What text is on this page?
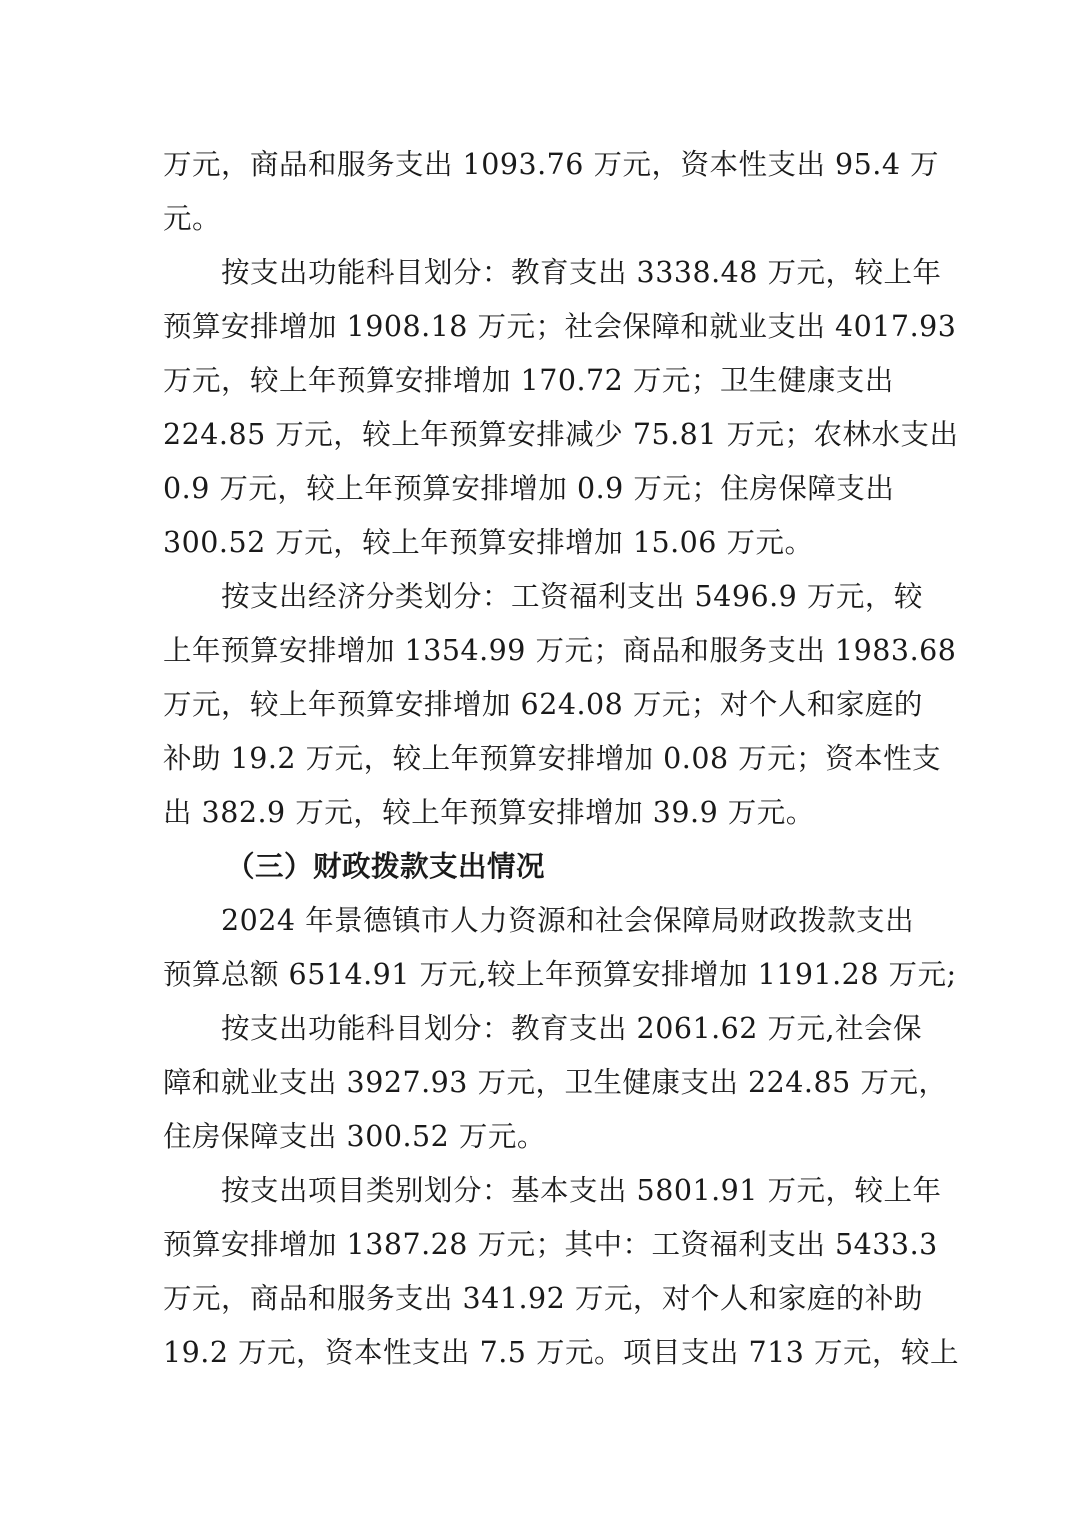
万元，商品和服务支出 1093.76 万元，资本性支出 95.4 万
元。
按支出功能科目划分：教育支出 3338.48 万元，较上年
预算安排增加 1908.18 万元；社会保障和就业支出 4017.93
万元，较上年预算安排增加 170.72 万元；卫生健康支出
224.85 万元，较上年预算安排减少 75.81 万元；农林水支出
0.9 万元，较上年预算安排增加 0.9 万元；住房保障支出
300.52 万元，较上年预算安排增加 15.06 万元。
按支出经济分类划分：工资福利支出 5496.9 万元，较
上年预算安排增加 1354.99 万元；商品和服务支出 1983.68
万元，较上年预算安排增加 624.08 万元；对个人和家庭的
补助 19.2 万元，较上年预算安排增加 0.08 万元；资本性支
出 382.9 万元，较上年预算安排增加 39.9 万元。
（三）财政拨款支出情况
2024 年景德镇市人力资源和社会保障局财政拨款支出
预算总额 6514.91 万元,较上年预算安排增加 1191.28 万元;
按支出功能科目划分：教育支出 2061.62 万元,社会保
障和就业支出 3927.93 万元，卫生健康支出 224.85 万元，
住房保障支出 300.52 万元。
按支出项目类别划分：基本支出 5801.91 万元，较上年
预算安排增加 1387.28 万元；其中：工资福利支出 5433.3
万元，商品和服务支出 341.92 万元，对个人和家庭的补助
19.2 万元，资本性支出 7.5 万元。项目支出 713 万元，较上
